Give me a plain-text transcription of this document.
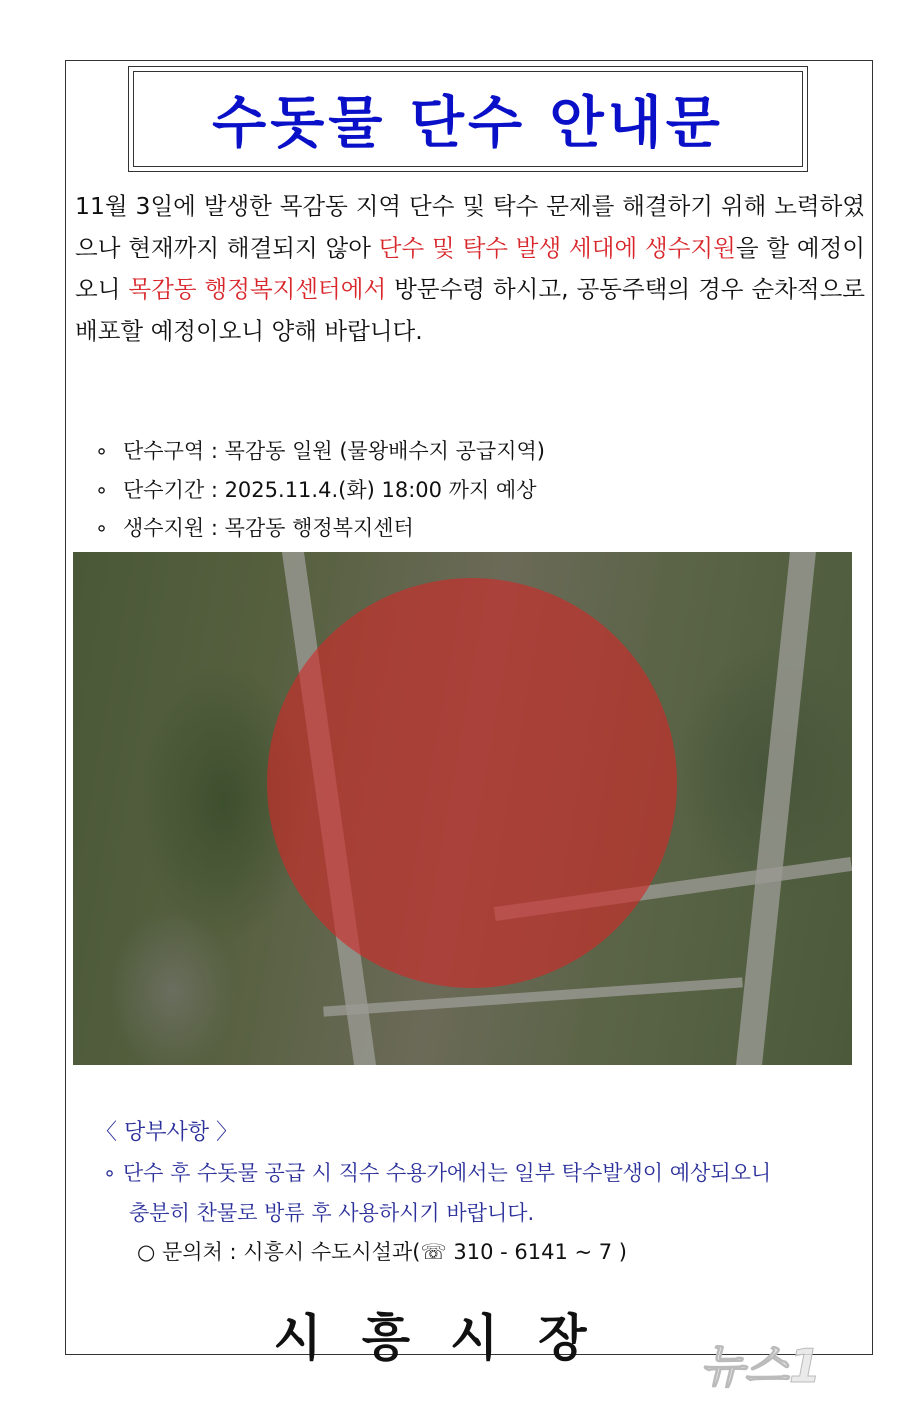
수돗물 단수 안내문
11월 3일에 발생한 목감동 지역 단수 및 탁수 문제를 해결하기 위해 노력하였으나 현재까지 해결되지 않아 단수 및 탁수 발생 세대에 생수지원을 할 예정이오니 목감동 행정복지센터에서 방문수령 하시고, 공동주택의 경우 순차적으로 배포할 예정이오니 양해 바랍니다.
∘ 단수구역 : 목감동 일원 (물왕배수지 공급지역)
∘ 단수기간 : 2025.11.4.(화) 18:00 까지 예상
∘ 생수지원 : 목감동 행정복지센터
〈 당부사항 〉
∘ 단수 후 수돗물 공급 시 직수 수용가에서는 일부 탁수발생이 예상되오니
충분히 찬물로 방류 후 사용하시기 바랍니다.
○ 문의처 : 시흥시 수도시설과(☏ 310 - 6141 ~ 7 )
시흥시장	뉴스1
